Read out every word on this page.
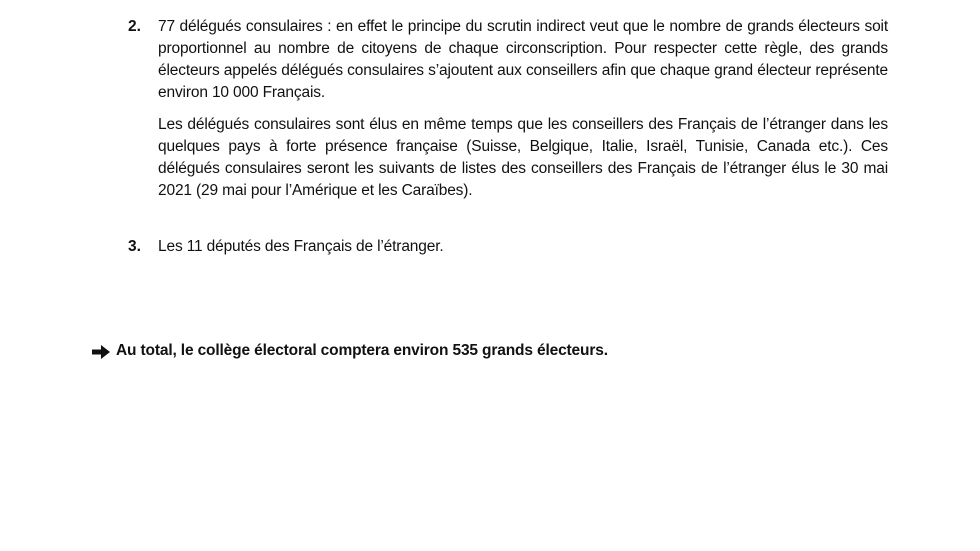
2.	77 délégués consulaires : en effet le principe du scrutin indirect veut que le nombre de grands électeurs soit proportionnel au nombre de citoyens de chaque circonscription. Pour respecter cette règle, des grands électeurs appelés délégués consulaires s’ajoutent aux conseillers afin que chaque grand électeur représente environ 10 000 Français.

Les délégués consulaires sont élus en même temps que les conseillers des Français de l’étranger dans les quelques pays à forte présence française (Suisse, Belgique, Italie, Israël, Tunisie, Canada etc.). Ces délégués consulaires seront les suivants de listes des conseillers des Français de l’étranger élus le 30 mai 2021 (29 mai pour l’Amérique et les Caraïbes).

3.	Les 11 députés des Français de l’étranger.

Au total, le collège électoral comptera environ 535 grands électeurs.
